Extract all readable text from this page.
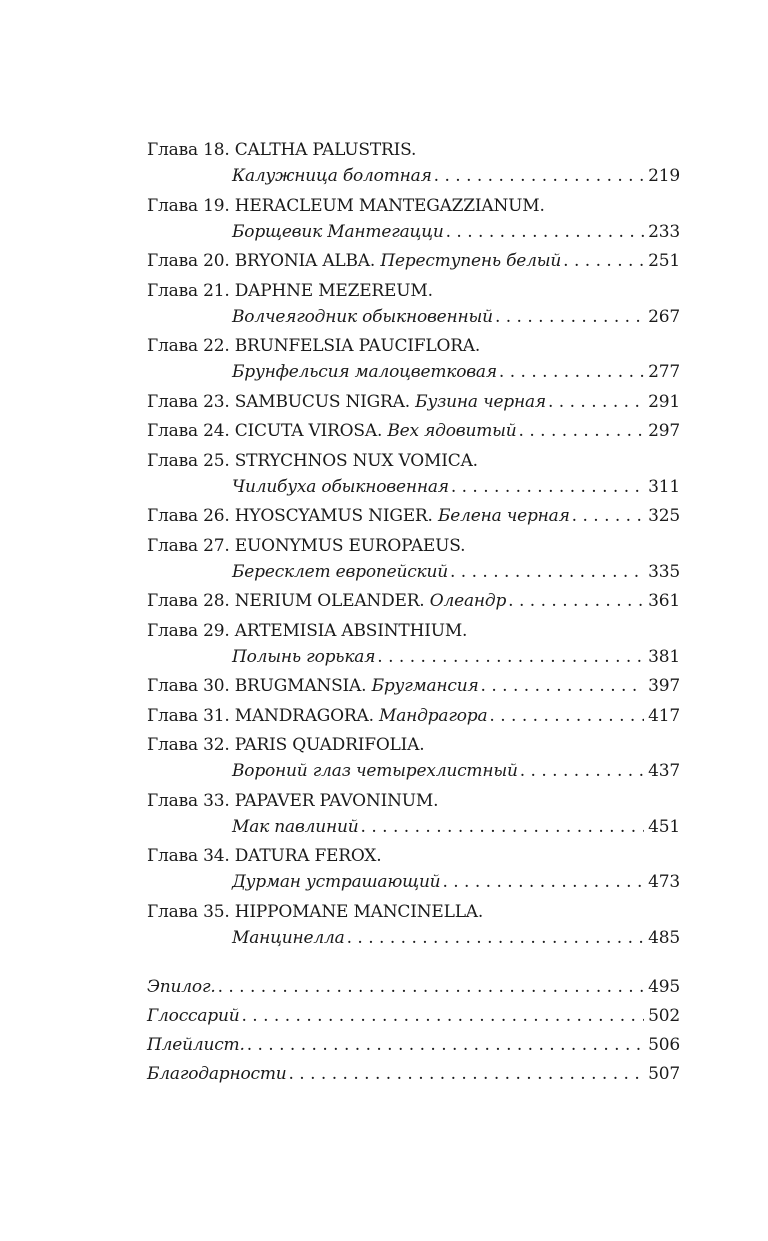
Глава 18. CALTHA PALUSTRIS.
Калужница болотная . . .	219
Глава 19. HERACLEUM MANTEGAZZIANUM.
Борщевик Мантегацци . . .	233
Глава 20. BRYONIA ALBA. Переступень белый . . .	251
Глава 21. DAPHNE MEZEREUM.
Волчеягодник обыкновенный . . .	267
Глава 22. BRUNFELSIA PAUCIFLORA.
Брунфельсия малоцветковая . . .	277
Глава 23. SAMBUCUS NIGRA. Бузина черная . . .	291
Глава 24. CICUTA VIROSA. Вех ядовитый . . .	297
Глава 25. STRYCHNOS NUX VOMICA.
Чилибуха обыкновенная . . .	311
Глава 26. HYOSCYAMUS NIGER. Белена черная . . .	325
Глава 27. EUONYMUS EUROPAEUS.
Бересклет европейский . . .	335
Глава 28. NERIUM OLEANDER. Олеандр . . .	361
Глава 29. ARTEMISIA ABSINTHIUM.
Полынь горькая . . .	381
Глава 30. BRUGMANSIA. Бругмансия . . .	397
Глава 31. MANDRAGORA. Мандрагора . . .	417
Глава 32. PARIS QUADRIFOLIA.
Вороний глаз четырехлистный . . .	437
Глава 33. PAPAVER PAVONINUM.
Мак павлиний . . .	451
Глава 34. DATURA FEROX.
Дурман устрашающий . . .	473
Глава 35. HIPPOMANE MANCINELLA.
Манцинелла . . .	485
Эпилог. . . .	495
Глоссарий . . .	502
Плейлист. . . .	506
Благодарности . . .	507
